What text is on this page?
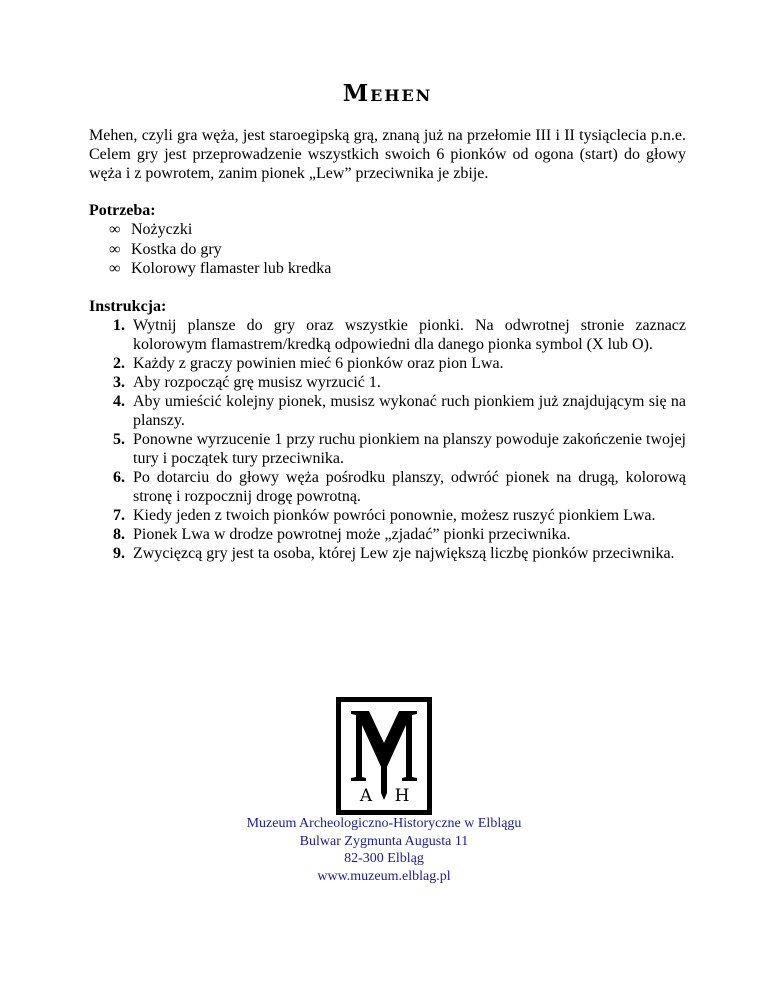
Mehen

Mehen, czyli gra węża, jest staroegipską grą, znaną już na przełomie III i II tysiąclecia p.n.e. Celem gry jest przeprowadzenie wszystkich swoich 6 pionków od ogona (start) do głowy węża i z powrotem, zanim pionek „Lew” przeciwnika je zbije.

Potrzeba:
∞ Nożyczki
∞ Kostka do gry
∞ Kolorowy flamaster lub kredka
Instrukcja:
1. Wytnij plansze do gry oraz wszystkie pionki. Na odwrotnej stronie zaznacz kolorowym flamastrem/kredką odpowiedni dla danego pionka symbol (X lub O).
2. Każdy z graczy powinien mieć 6 pionków oraz pion Lwa.
3. Aby rozpocząć grę musisz wyrzucić 1.
4. Aby umieścić kolejny pionek, musisz wykonać ruch pionkiem już znajdującym się na planszy.
5. Ponowne wyrzucenie 1 przy ruchu pionkiem na planszy powoduje zakończenie twojej tury i początek tury przeciwnika.
6. Po dotarciu do głowy węża pośrodku planszy, odwróć pionek na drugą, kolorową stronę i rozpocznij drogę powrotną.
7. Kiedy jeden z twoich pionków powróci ponownie, możesz ruszyć pionkiem Lwa.
8. Pionek Lwa w drodze powrotnej może „zjadać” pionki przeciwnika.
9. Zwycięzcą gry jest ta osoba, której Lew zje największą liczbę pionków przeciwnika.
A H
Muzeum Archeologiczno-Historyczne w Elblągu
Bulwar Zygmunta Augusta 11
82-300 Elbląg
www.muzeum.elblag.pl
